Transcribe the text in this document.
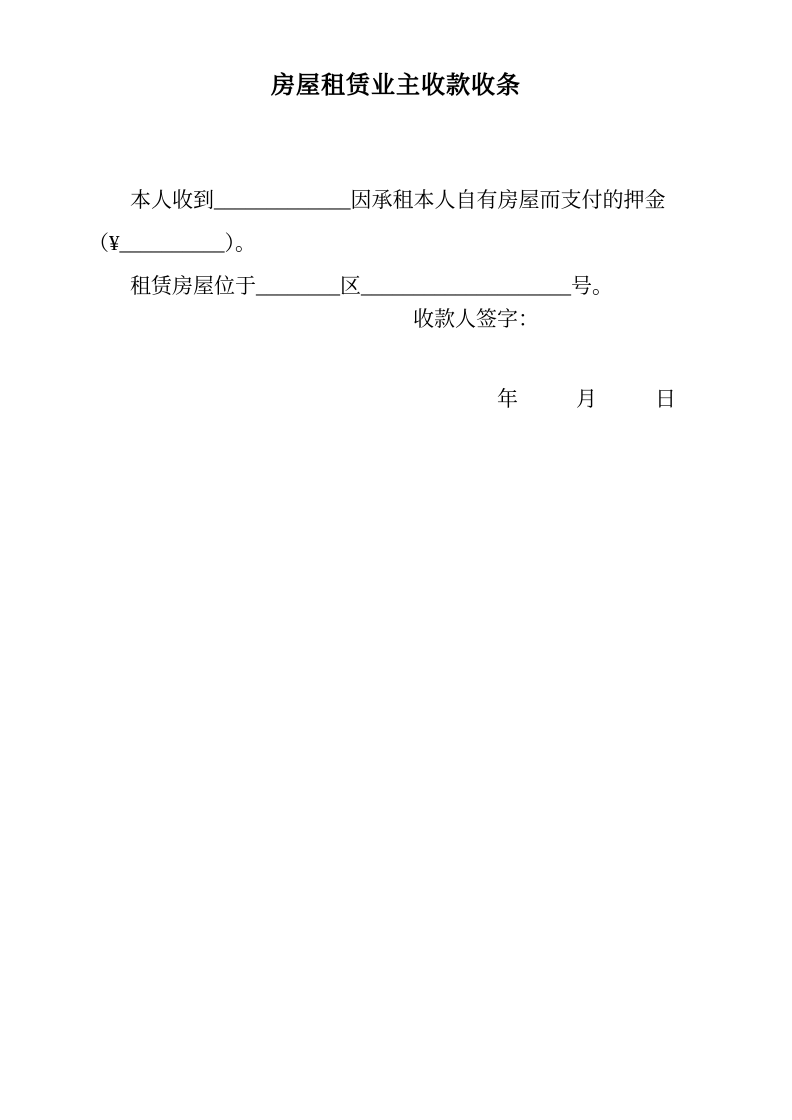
房屋租赁业主收款收条

本人收到_____________因承租本人自有房屋而支付的押金

（¥__________）。

租赁房屋位于________区____________________号。

收款人签字：

年	月	日
